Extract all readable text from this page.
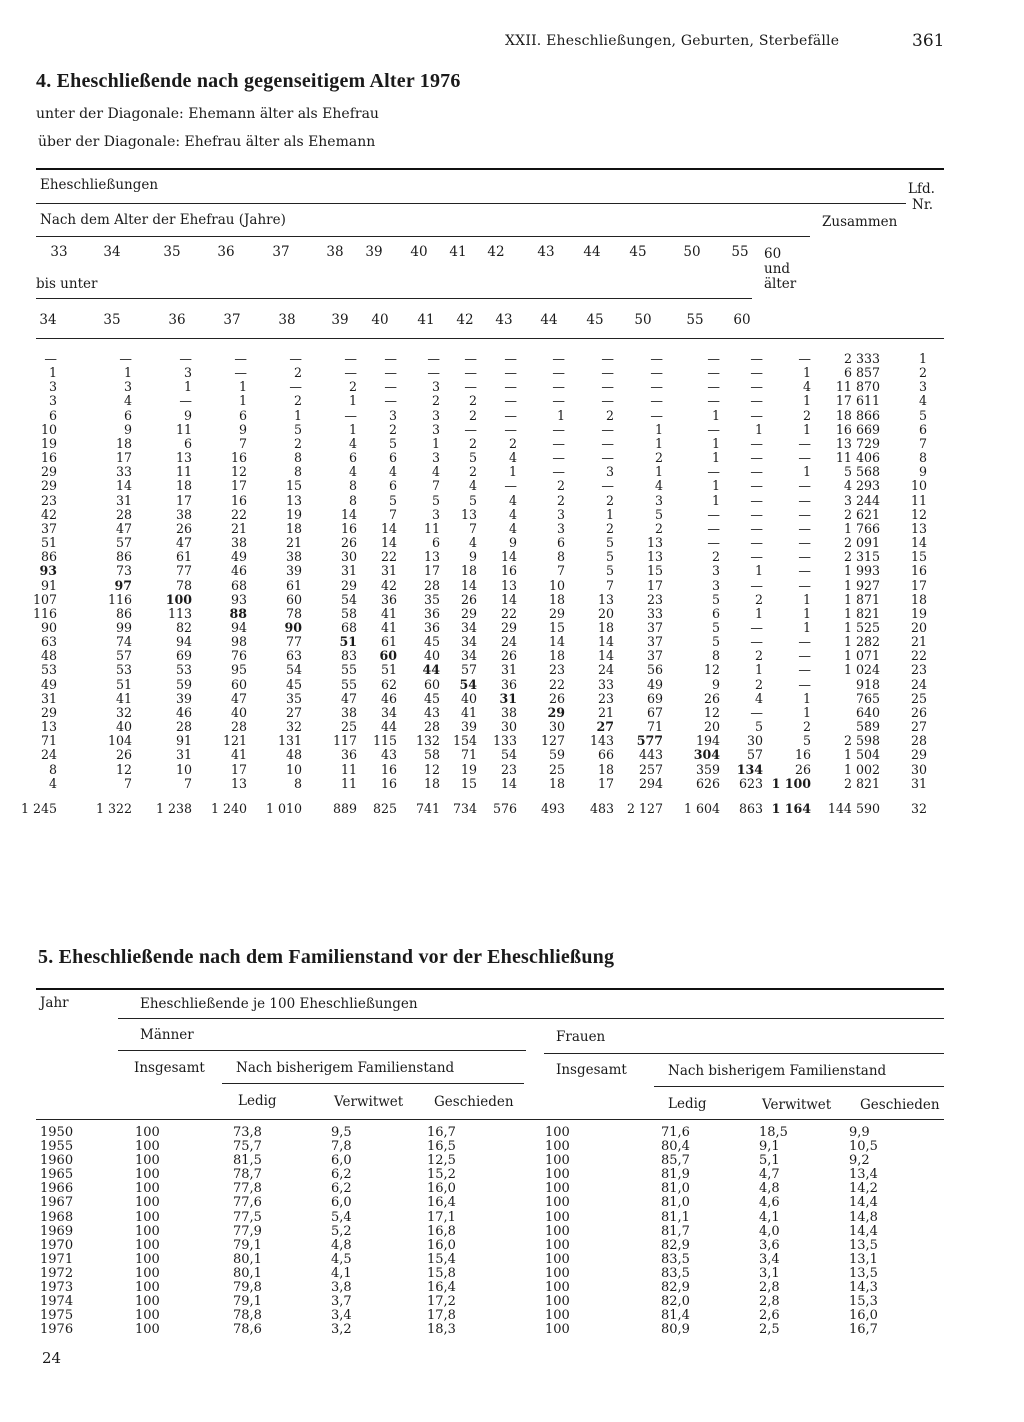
XXII. Eheschließungen, Geburten, Sterbefälle	361
4. Eheschließende nach gegenseitigem Alter 1976
unter der Diagonale: Ehemann älter als Ehefrau
über der Diagonale: Ehefrau älter als Ehemann
Eheschließungen	Lfd.
Nr.
Nach dem Alter der Ehefrau (Jahre)	Zusammen
33	34	35	36	37	38 39 40 41 42 43 44 45	50 55 60
und
älter
bis unter
34	35	36	37	38	39 40 41 42 43 44 45 50	55 60
—	—	—	—	—	—	—	—	—	—	—	—	—	—	—	—	2 333	1
1	1	3	—	2	—	—	—	—	—	—	—	—	—	—	1	6 857	2
3	3	1	1	—	2	—	3	—	—	—	—	—	—	—	4	11 870	3
3	4	—	1	2	1	—	2	2	—	—	—	—	—	—	1	17 611	4
6	6	9	6	1	—	3	3	2	—	1	2	—	1	—	2	18 866	5
10	9	11	9	5	1	2	3	—	—	—	—	1	—	1	1	16 669	6
19	18	6	7	2	4	5	1	2	2	—	—	1	1	—	—	13 729	7
16	17	13	16	8	6	6	3	5	4	—	—	2	1	—	—	11 406	8
29	33	11	12	8	4	4	4	2	1	—	3	1	—	—	1	5 568	9
29	14	18	17	15	8	6	7	4	—	2	—	4	1	—	—	4 293	10
23	31	17	16	13	8	5	5	5	4	2	2	3	1	—	—	3 244	11
42	28	38	22	19	14	7	3	13	4	3	1	5	—	—	—	2 621	12
37	47	26	21	18	16	14	11	7	4	3	2	2	—	—	—	1 766	13
51	57	47	38	21	26	14	6	4	9	6	5	13	—	—	—	2 091	14
86	86	61	49	38	30	22	13	9	14	8	5	13	2	—	—	2 315	15
93	73	77	46	39	31	31	17	18	16	7	5	15	3	1	—	1 993	16
91	97	78	68	61	29	42	28	14	13	10	7	17	3	—	—	1 927	17
107	116	100	93	60	54	36	35	26	14	18	13	23	5	2	1	1 871	18
116	86	113	88	78	58	41	36	29	22	29	20	33	6	1	1	1 821	19
90	99	82	94	90	68	41	36	34	29	15	18	37	5	—	1	1 525	20
63	74	94	98	77	51	61	45	34	24	14	14	37	5	—	—	1 282	21
48	57	69	76	63	83	60	40	34	26	18	14	37	8	2	—	1 071	22
53	53	53	95	54	55	51	44	57	31	23	24	56	12	1	—	1 024	23
49	51	59	60	45	55	62	60	54	36	22	33	49	9	2	—	918	24
31	41	39	47	35	47	46	45	40	31	26	23	69	26	4	1	765	25
29	32	46	40	27	38	34	43	41	38	29	21	67	12	—	1	640	26
13	40	28	28	32	25	44	28	39	30	30	27	71	20	5	2	589	27
71	104	91	121	131	117	115	132	154	133	127	143	577	194	30	5	2 598	28
24	26	31	41	48	36	43	58	71	54	59	66	443	304	57	16	1 504	29
8	12	10	17	10	11	16	12	19	23	25	18	257	359	134	26	1 002	30
4	7	7	13	8	11	16	18	15	14	18	17	294	626	623	1 100	2 821	31

1 245	1 322	1 238	1 240	1 010	889	825	741	734	576	493	483	2 127	1 604	863	1 164	144 590	32
5. Eheschließende nach dem Familienstand vor der Eheschließung
Jahr	Eheschließende je 100 Eheschließungen
Männer	Frauen
Insgesamt Nach bisherigem Familienstand	Insgesamt	Nach bisherigem Familienstand
Ledig	Verwitwet Geschieden	Ledig	Verwitwet Geschieden
1950	100	73,8	9,5	16,7	100	71,6	18,5	9,9
1955	100	75,7	7,8	16,5	100	80,4	9,1	10,5
1960	100	81,5	6,0	12,5	100	85,7	5,1	9,2
1965	100	78,7	6,2	15,2	100	81,9	4,7	13,4
1966	100	77,8	6,2	16,0	100	81,0	4,8	14,2
1967	100	77,6	6,0	16,4	100	81,0	4,6	14,4
1968	100	77,5	5,4	17,1	100	81,1	4,1	14,8
1969	100	77,9	5,2	16,8	100	81,7	4,0	14,4
1970	100	79,1	4,8	16,0	100	82,9	3,6	13,5
1971	100	80,1	4,5	15,4	100	83,5	3,4	13,1
1972	100	80,1	4,1	15,8	100	83,5	3,1	13,5
1973	100	79,8	3,8	16,4	100	82,9	2,8	14,3
1974	100	79,1	3,7	17,2	100	82,0	2,8	15,3
1975	100	78,8	3,4	17,8	100	81,4	2,6	16,0
1976	100	78,6	3,2	18,3	100	80,9	2,5	16,7
24
